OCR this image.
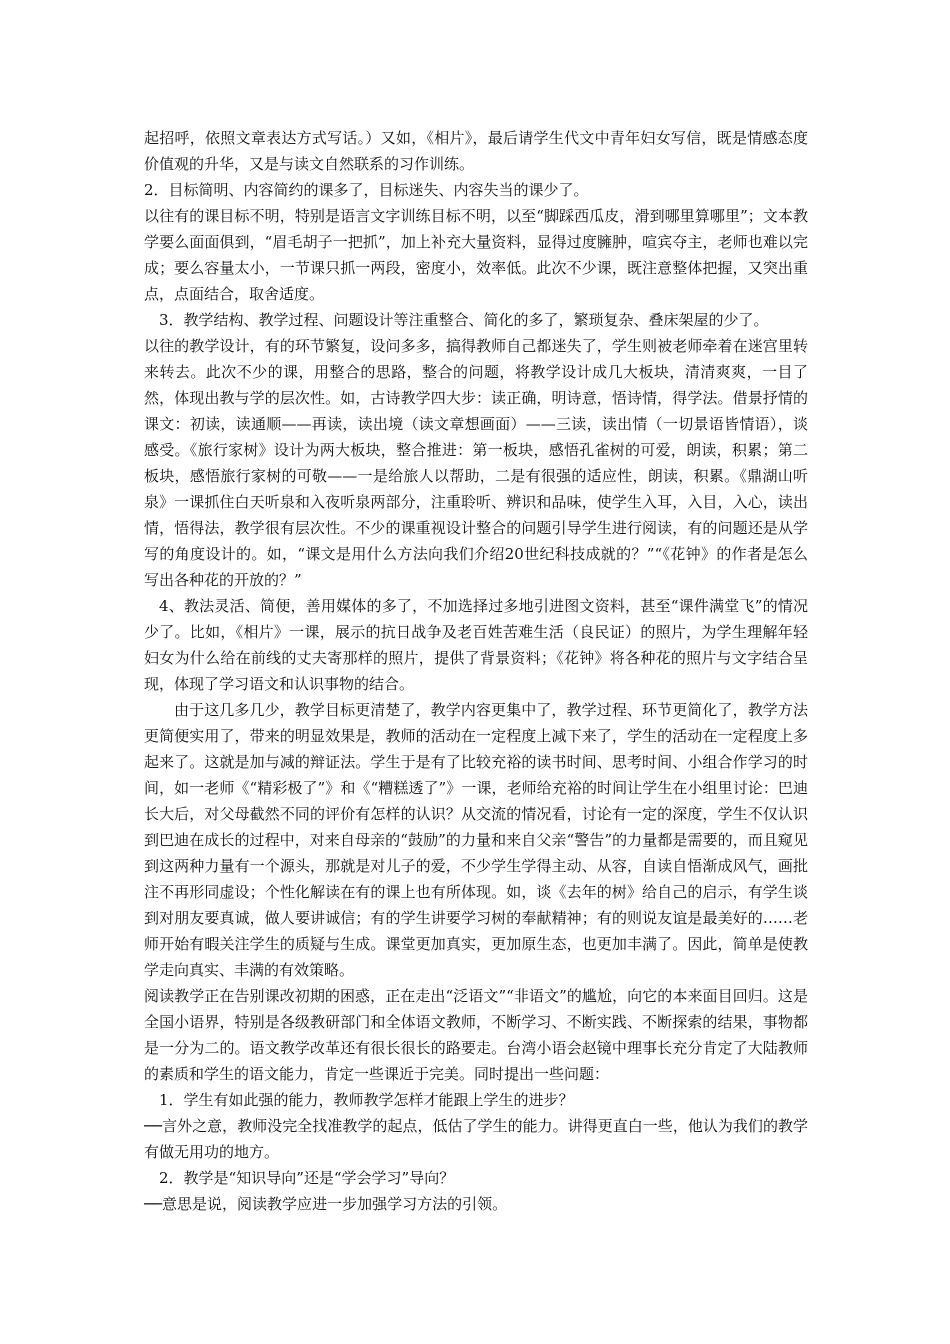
起招呼，依照文章表达方式写话。）又如，《相片》，最后请学生代文中青年妇女写信，既是情感态度价值观的升华，又是与读文自然联系的习作训练。

2．目标简明、内容简约的课多了，目标迷失、内容失当的课少了。

以往有的课目标不明，特别是语言文字训练目标不明，以至“脚踩西瓜皮，滑到哪里算哪里”；文本教学要么面面俱到，“眉毛胡子一把抓”，加上补充大量资料，显得过度臃肿，喧宾夺主，老师也难以完成；要么容量太小，一节课只抓一两段，密度小，效率低。此次不少课，既注意整体把握，又突出重点，点面结合，取舍适度。

3．教学结构、教学过程、问题设计等注重整合、简化的多了，繁琐复杂、叠床架屋的少了。

以往的教学设计，有的环节繁复，设问多多，搞得教师自己都迷失了，学生则被老师牵着在迷宫里转来转去。此次不少的课，用整合的思路，整合的问题，将教学设计成几大板块，清清爽爽，一目了然，体现出教与学的层次性。如，古诗教学四大步：读正确，明诗意，悟诗情，得学法。借景抒情的课文：初读，读通顺——再读，读出境（读文章想画面）——三读，读出情（一切景语皆情语），谈感受。《旅行家树》设计为两大板块，整合推进：第一板块，感悟孔雀树的可爱，朗读，积累；第二板块，感悟旅行家树的可敬——一是给旅人以帮助，二是有很强的适应性，朗读，积累。《鼎湖山听泉》一课抓住白天听泉和入夜听泉两部分，注重聆听、辨识和品味，使学生入耳，入目，入心，读出情，悟得法，教学很有层次性。不少的课重视设计整合的问题引导学生进行阅读，有的问题还是从学写的角度设计的。如，“课文是用什么方法向我们介绍20世纪科技成就的？”“《花钟》的作者是怎么写出各种花的开放的？”

4、教法灵活、简便，善用媒体的多了，不加选择过多地引进图文资料，甚至“课件满堂飞”的情况少了。比如，《相片》一课，展示的抗日战争及老百姓苦难生活（良民证）的照片，为学生理解年轻妇女为什么给在前线的丈夫寄那样的照片，提供了背景资料；《花钟》将各种花的照片与文字结合呈现，体现了学习语文和认识事物的结合。

由于这几多几少，教学目标更清楚了，教学内容更集中了，教学过程、环节更简化了，教学方法更简便实用了，带来的明显效果是，教师的活动在一定程度上减下来了，学生的活动在一定程度上多起来了。这就是加与减的辩证法。学生于是有了比较充裕的读书时间、思考时间、小组合作学习的时间，如一老师《“精彩极了”》和《“糟糕透了”》一课，老师给充裕的时间让学生在小组里讨论：巴迪长大后，对父母截然不同的评价有怎样的认识？从交流的情况看，讨论有一定的深度，学生不仅认识到巴迪在成长的过程中，对来自母亲的“鼓励”的力量和来自父亲“警告”的力量都是需要的，而且窥见到这两种力量有一个源头，那就是对儿子的爱，不少学生学得主动、从容，自读自悟渐成风气，画批注不再形同虚设；个性化解读在有的课上也有所体现。如，谈《去年的树》给自己的启示，有学生谈到对朋友要真诚，做人要讲诚信；有的学生讲要学习树的奉献精神；有的则说友谊是最美好的……老师开始有暇关注学生的质疑与生成。课堂更加真实，更加原生态，也更加丰满了。因此，简单是使教学走向真实、丰满的有效策略。

阅读教学正在告别课改初期的困惑，正在走出“泛语文”“非语文”的尴尬，向它的本来面目回归。这是全国小语界，特别是各级教研部门和全体语文教师，不断学习、不断实践、不断探索的结果，事物都是一分为二的。语文教学改革还有很长很长的路要走。台湾小语会赵镜中理事长充分肯定了大陆教师的素质和学生的语文能力，肯定一些课近于完美。同时提出一些问题：

1．学生有如此强的能力，教师教学怎样才能跟上学生的进步？

──言外之意，教师没完全找准教学的起点，低估了学生的能力。讲得更直白一些，他认为我们的教学有做无用功的地方。

2．教学是“知识导向”还是“学会学习”导向？

──意思是说，阅读教学应进一步加强学习方法的引领。
